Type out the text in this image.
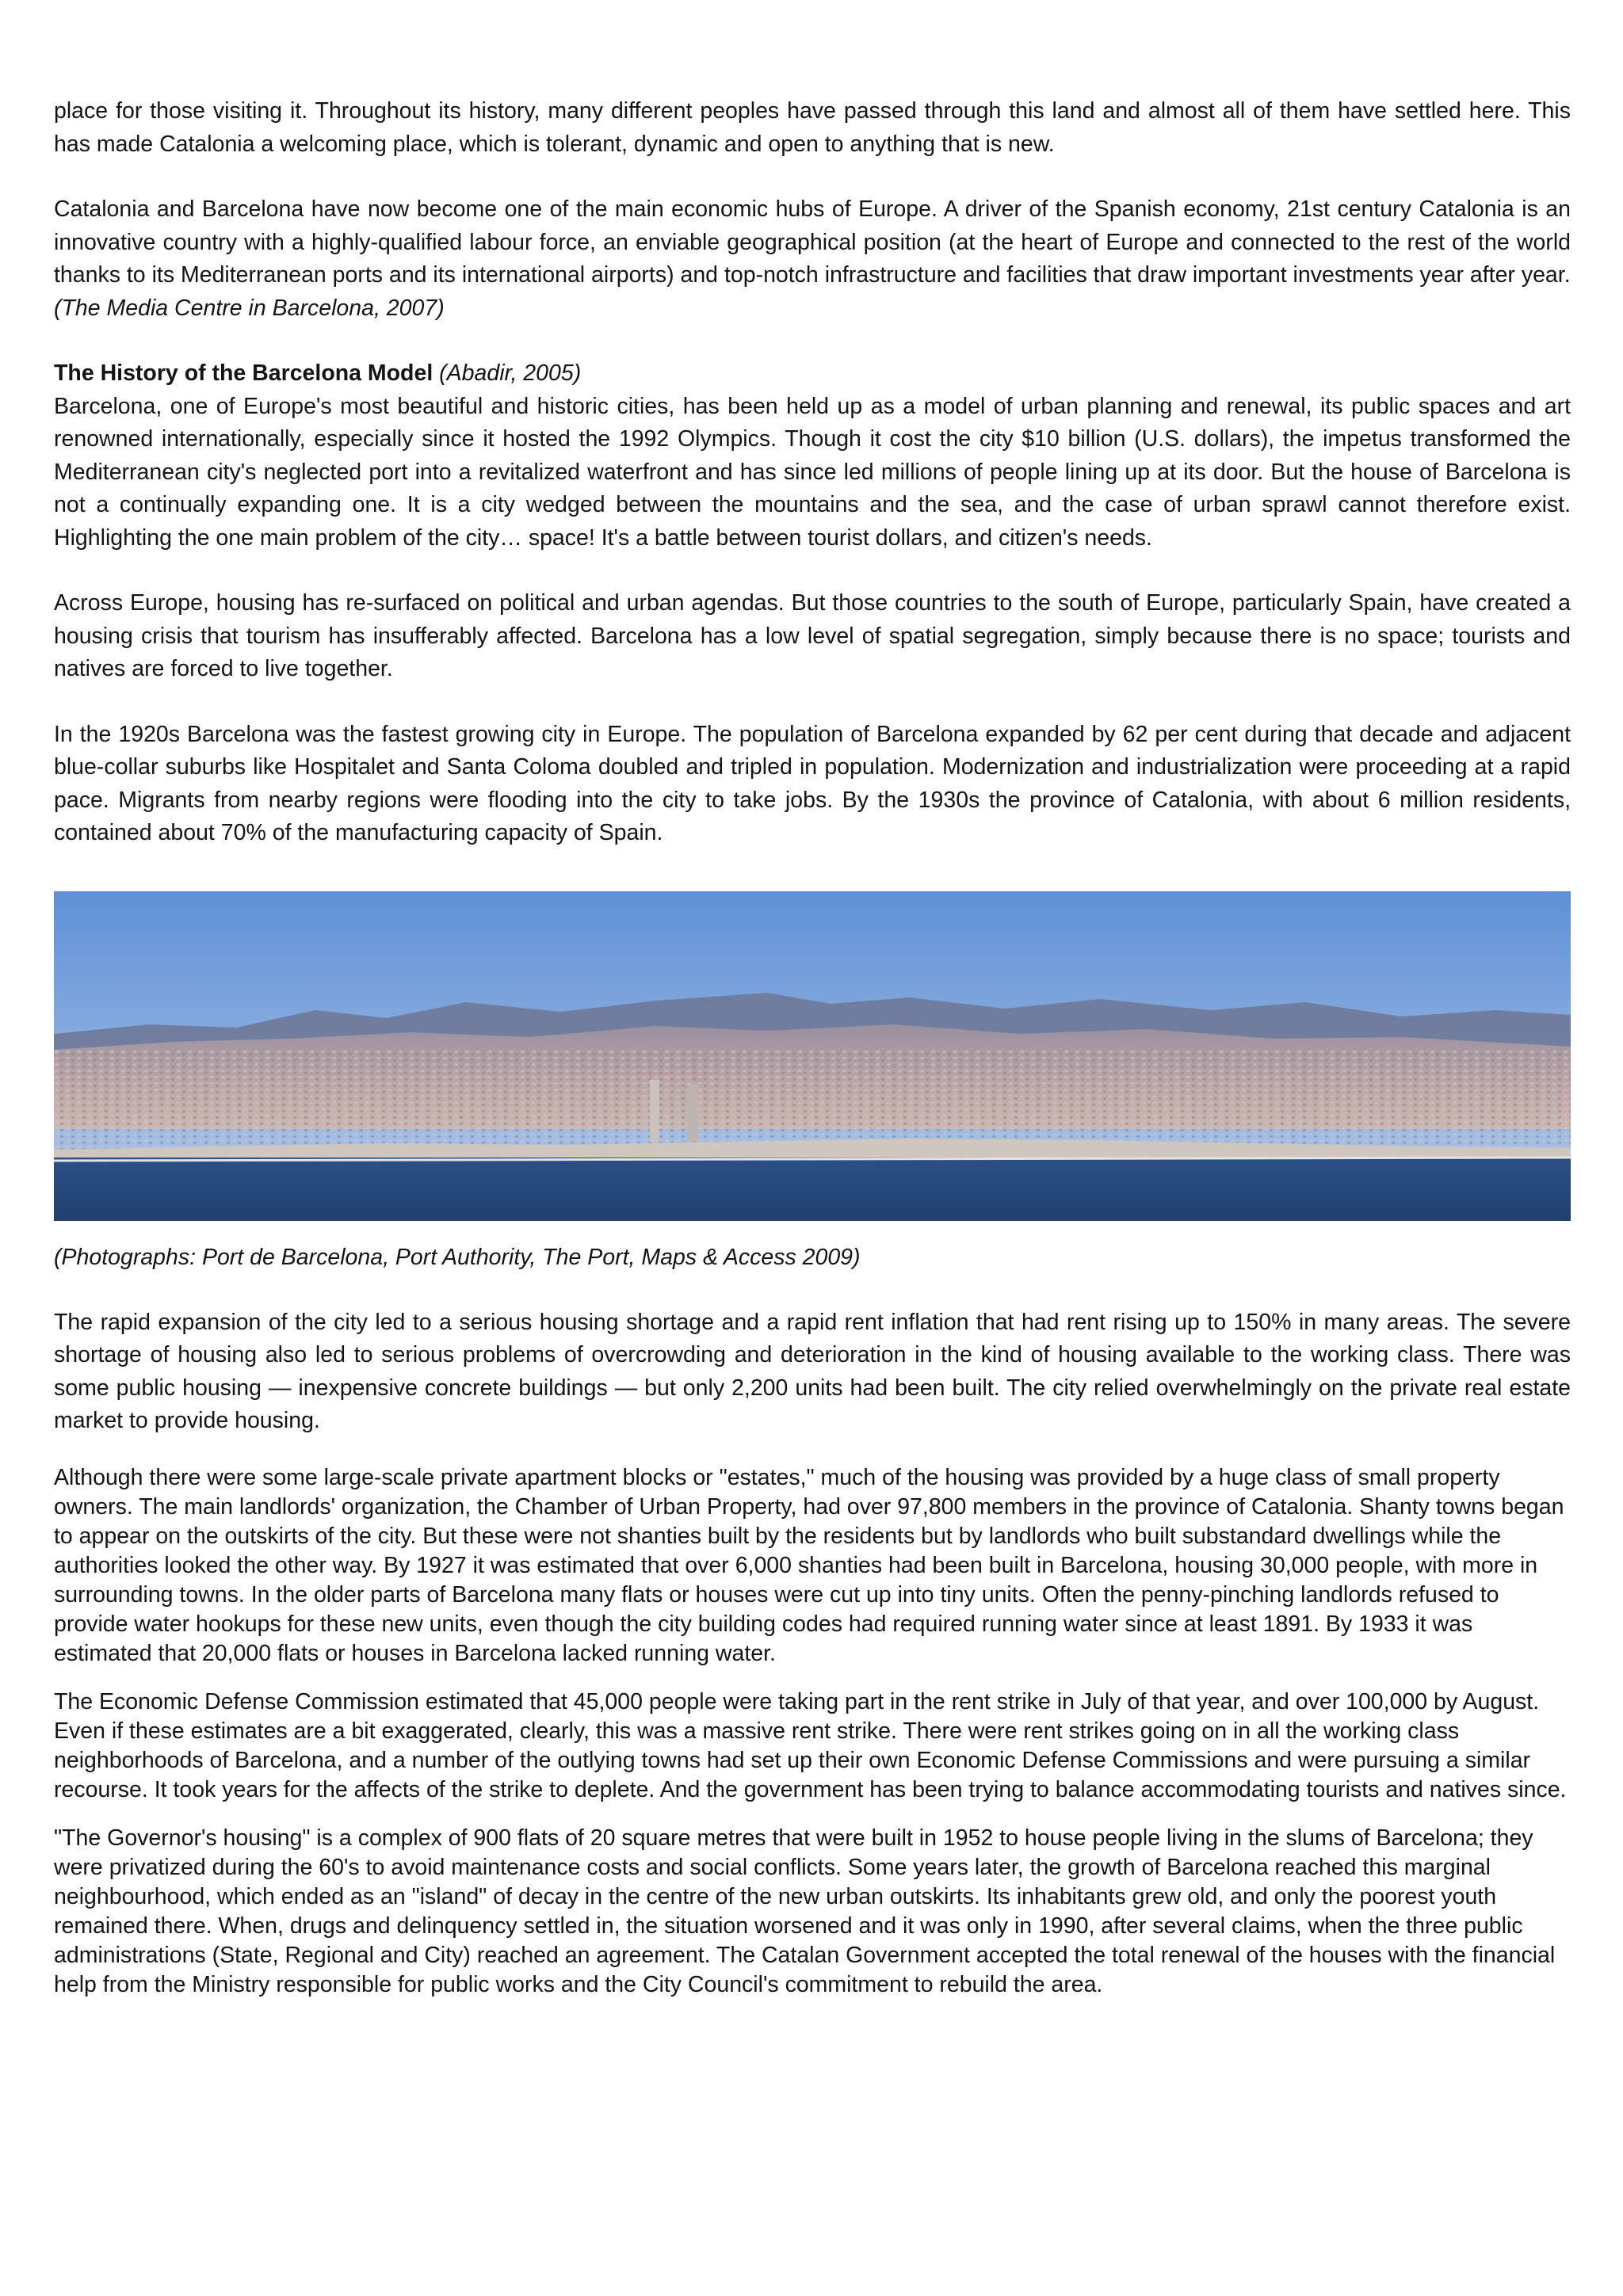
place for those visiting it. Throughout its history, many different peoples have passed through this land and almost all of them have settled here. This has made Catalonia a welcoming place, which is tolerant, dynamic and open to anything that is new.

Catalonia and Barcelona have now become one of the main economic hubs of Europe. A driver of the Spanish economy, 21st century Catalonia is an innovative country with a highly-qualified labour force, an enviable geographical position (at the heart of Europe and connected to the rest of the world thanks to its Mediterranean ports and its international airports) and top-notch infrastructure and facilities that draw important investments year after year.

(The Media Centre in Barcelona, 2007)

The History of the Barcelona Model (Abadir, 2005)

Barcelona, one of Europe's most beautiful and historic cities, has been held up as a model of urban planning and renewal, its public spaces and art renowned internationally, especially since it hosted the 1992 Olympics. Though it cost the city $10 billion (U.S. dollars), the impetus transformed the Mediterranean city's neglected port into a revitalized waterfront and has since led millions of people lining up at its door. But the house of Barcelona is not a continually expanding one. It is a city wedged between the mountains and the sea, and the case of urban sprawl cannot therefore exist. Highlighting the one main problem of the city… space! It's a battle between tourist dollars, and citizen's needs.

Across Europe, housing has re-surfaced on political and urban agendas. But those countries to the south of Europe, particularly Spain, have created a housing crisis that tourism has insufferably affected. Barcelona has a low level of spatial segregation, simply because there is no space; tourists and natives are forced to live together.

In the 1920s Barcelona was the fastest growing city in Europe. The population of Barcelona expanded by 62 per cent during that decade and adjacent blue-collar suburbs like Hospitalet and Santa Coloma doubled and tripled in population. Modernization and industrialization were proceeding at a rapid pace. Migrants from nearby regions were flooding into the city to take jobs. By the 1930s the province of Catalonia, with about 6 million residents, contained about 70% of the manufacturing capacity of Spain.

(Photographs: Port de Barcelona, Port Authority, The Port, Maps & Access 2009)

The rapid expansion of the city led to a serious housing shortage and a rapid rent inflation that had rent rising up to 150% in many areas. The severe shortage of housing also led to serious problems of overcrowding and deterioration in the kind of housing available to the working class. There was some public housing — inexpensive concrete buildings — but only 2,200 units had been built. The city relied overwhelmingly on the private real estate market to provide housing.

Although there were some large-scale private apartment blocks or "estates," much of the housing was provided by a huge class of small property owners. The main landlords' organization, the Chamber of Urban Property, had over 97,800 members in the province of Catalonia. Shanty towns began to appear on the outskirts of the city. But these were not shanties built by the residents but by landlords who built substandard dwellings while the authorities looked the other way. By 1927 it was estimated that over 6,000 shanties had been built in Barcelona, housing 30,000 people, with more in surrounding towns. In the older parts of Barcelona many flats or houses were cut up into tiny units. Often the penny-pinching landlords refused to provide water hookups for these new units, even though the city building codes had required running water since at least 1891. By 1933 it was estimated that 20,000 flats or houses in Barcelona lacked running water.

The Economic Defense Commission estimated that 45,000 people were taking part in the rent strike in July of that year, and over 100,000 by August. Even if these estimates are a bit exaggerated, clearly, this was a massive rent strike. There were rent strikes going on in all the working class neighborhoods of Barcelona, and a number of the outlying towns had set up their own Economic Defense Commissions and were pursuing a similar recourse. It took years for the affects of the strike to deplete. And the government has been trying to balance accommodating tourists and natives since.

"The Governor's housing" is a complex of 900 flats of 20 square metres that were built in 1952 to house people living in the slums of Barcelona; they were privatized during the 60's to avoid maintenance costs and social conflicts. Some years later, the growth of Barcelona reached this marginal neighbourhood, which ended as an "island" of decay in the centre of the new urban outskirts. Its inhabitants grew old, and only the poorest youth remained there. When, drugs and delinquency settled in, the situation worsened and it was only in 1990, after several claims, when the three public administrations (State, Regional and City) reached an agreement. The Catalan Government accepted the total renewal of the houses with the financial help from the Ministry responsible for public works and the City Council's commitment to rebuild the area.
